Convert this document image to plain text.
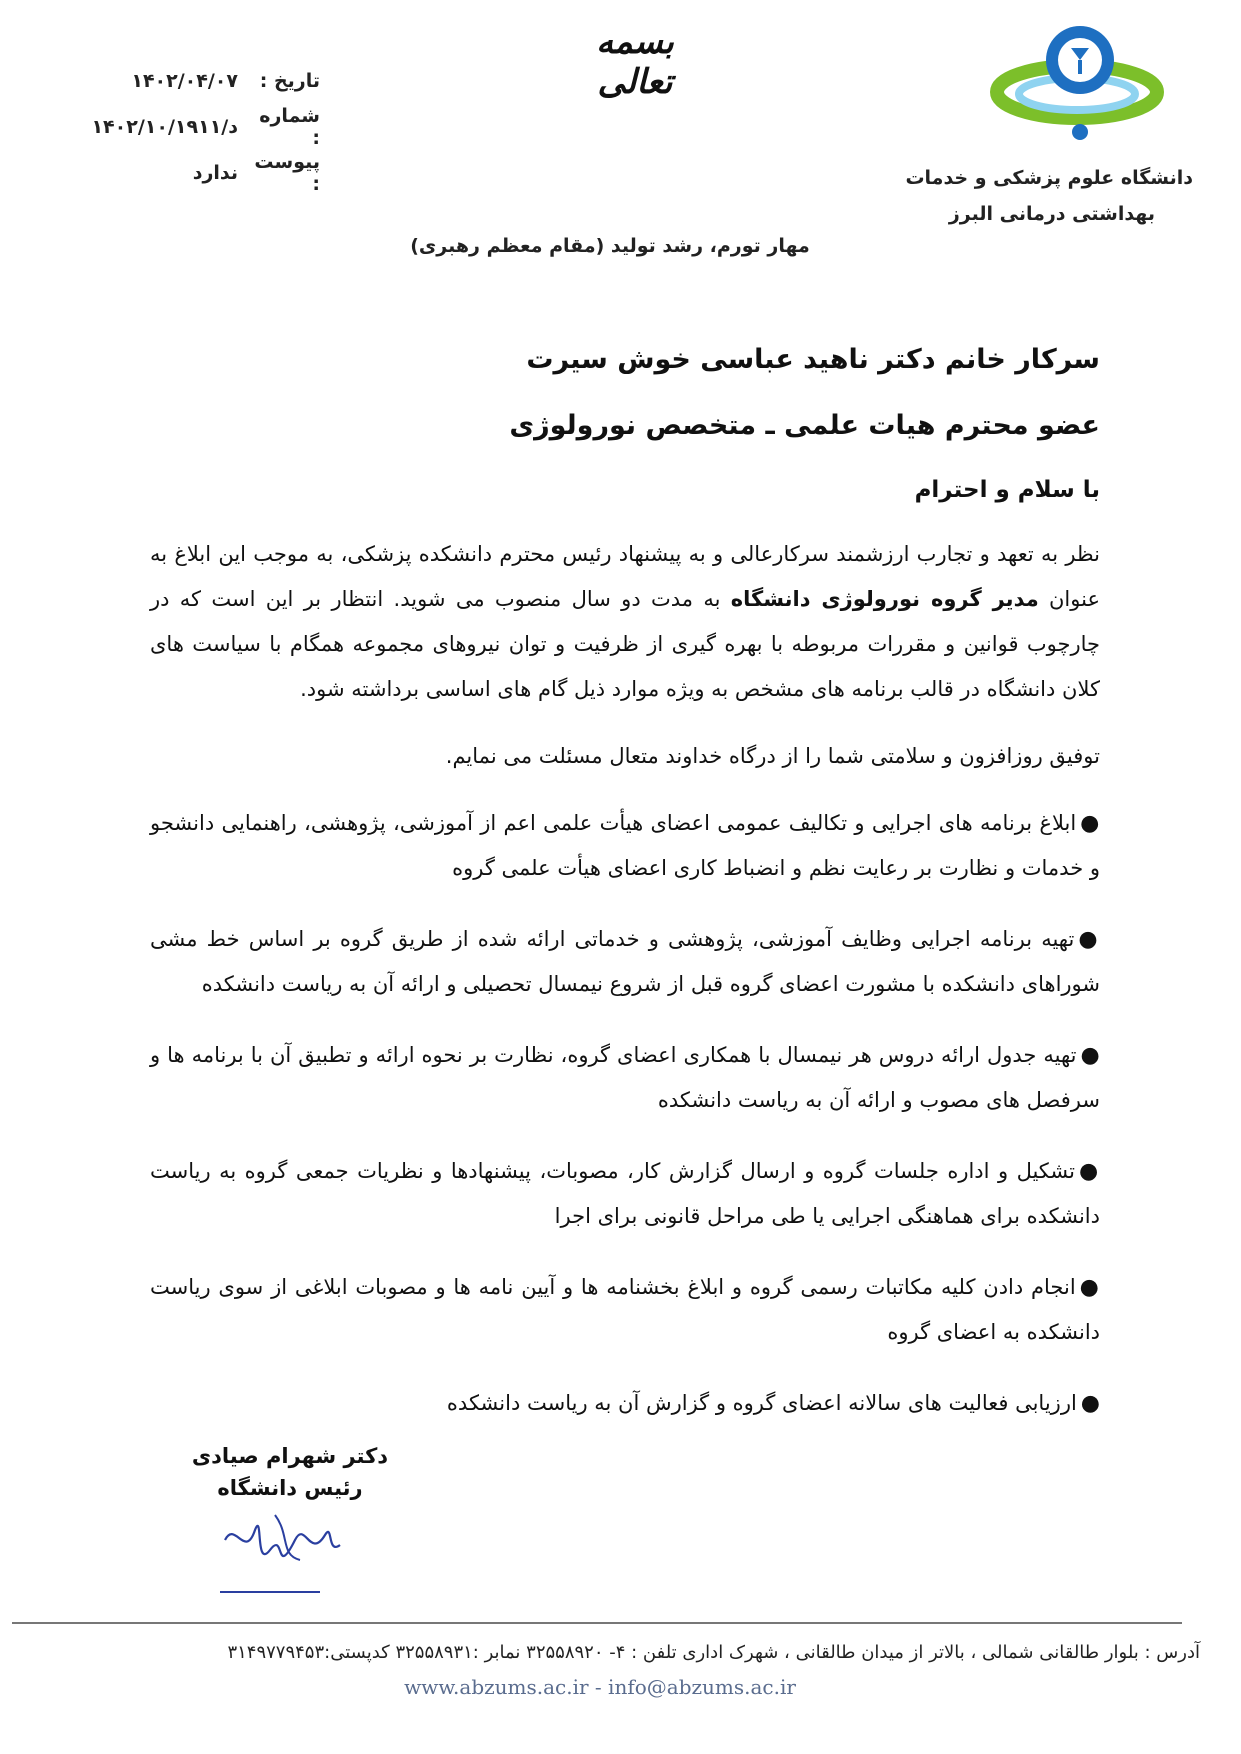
دانشگاه علوم پزشکی و خدمات
بهداشتی درمانی البرز
بسمه تعالی
تاریخ :
۱۴۰۲/۰۴/۰۷
شماره :
۱۴۰۲/د/۱۰/۱۹۱۱
پیوست :
ندارد
مهار تورم، رشد تولید (مقام معظم رهبری)
سرکار خانم دکتر ناهید عباسی خوش سیرت
عضو محترم هیات علمی ـ متخصص نورولوژی
با سلام و احترام

نظر به تعهد و تجارب ارزشمند سرکارعالی و به پیشنهاد رئیس محترم دانشکده پزشکی، به موجب این ابلاغ به عنوان مدیر گروه نورولوژی دانشگاه به مدت دو سال منصوب می شوید. انتظار بر این است که در چارچوب قوانین و مقررات مربوطه با بهره گیری از ظرفیت و توان نیروهای مجموعه همگام با سیاست های کلان دانشگاه در قالب برنامه های مشخص به ویژه موارد ذیل گام های اساسی برداشته شود.

توفیق روزافزون و سلامتی شما را از درگاه خداوند متعال مسئلت می نمایم.

●ابلاغ برنامه های اجرایی و تکالیف عمومی اعضای هیأت علمی اعم از آموزشی، پژوهشی، راهنمایی دانشجو و خدمات و نظارت بر رعایت نظم و انضباط کاری اعضای هیأت علمی گروه

●تهیه برنامه اجرایی وظایف آموزشی، پژوهشی و خدماتی ارائه شده از طریق گروه بر اساس خط مشی شوراهای دانشکده با مشورت اعضای گروه قبل از شروع نیمسال تحصیلی و ارائه آن به ریاست دانشکده

●تهیه جدول ارائه دروس هر نیمسال با همکاری اعضای گروه، نظارت بر نحوه ارائه و تطبیق آن با برنامه ها و سرفصل های مصوب و ارائه آن به ریاست دانشکده

●تشکیل و اداره جلسات گروه و ارسال گزارش کار، مصوبات، پیشنهادها و نظریات جمعی گروه به ریاست دانشکده برای هماهنگی اجرایی یا طی مراحل قانونی برای اجرا

●انجام دادن کلیه مکاتبات رسمی گروه و ابلاغ بخشنامه ها و آیین نامه ها و مصوبات ابلاغی از سوی ریاست دانشکده به اعضای گروه

●ارزیابی فعالیت های سالانه اعضای گروه و گزارش آن به ریاست دانشکده

دکتر شهرام صیادی
رئیس دانشگاه
آدرس : بلوار طالقانی شمالی ، بالاتر از میدان طالقانی ، شهرک اداری تلفن : ۴- ۳۲۵۵۸۹۲۰ نمابر :۳۲۵۵۸۹۳۱ کدپستی:۳۱۴۹۷۷۹۴۵۳
www.abzums.ac.ir - info@abzums.ac.ir
